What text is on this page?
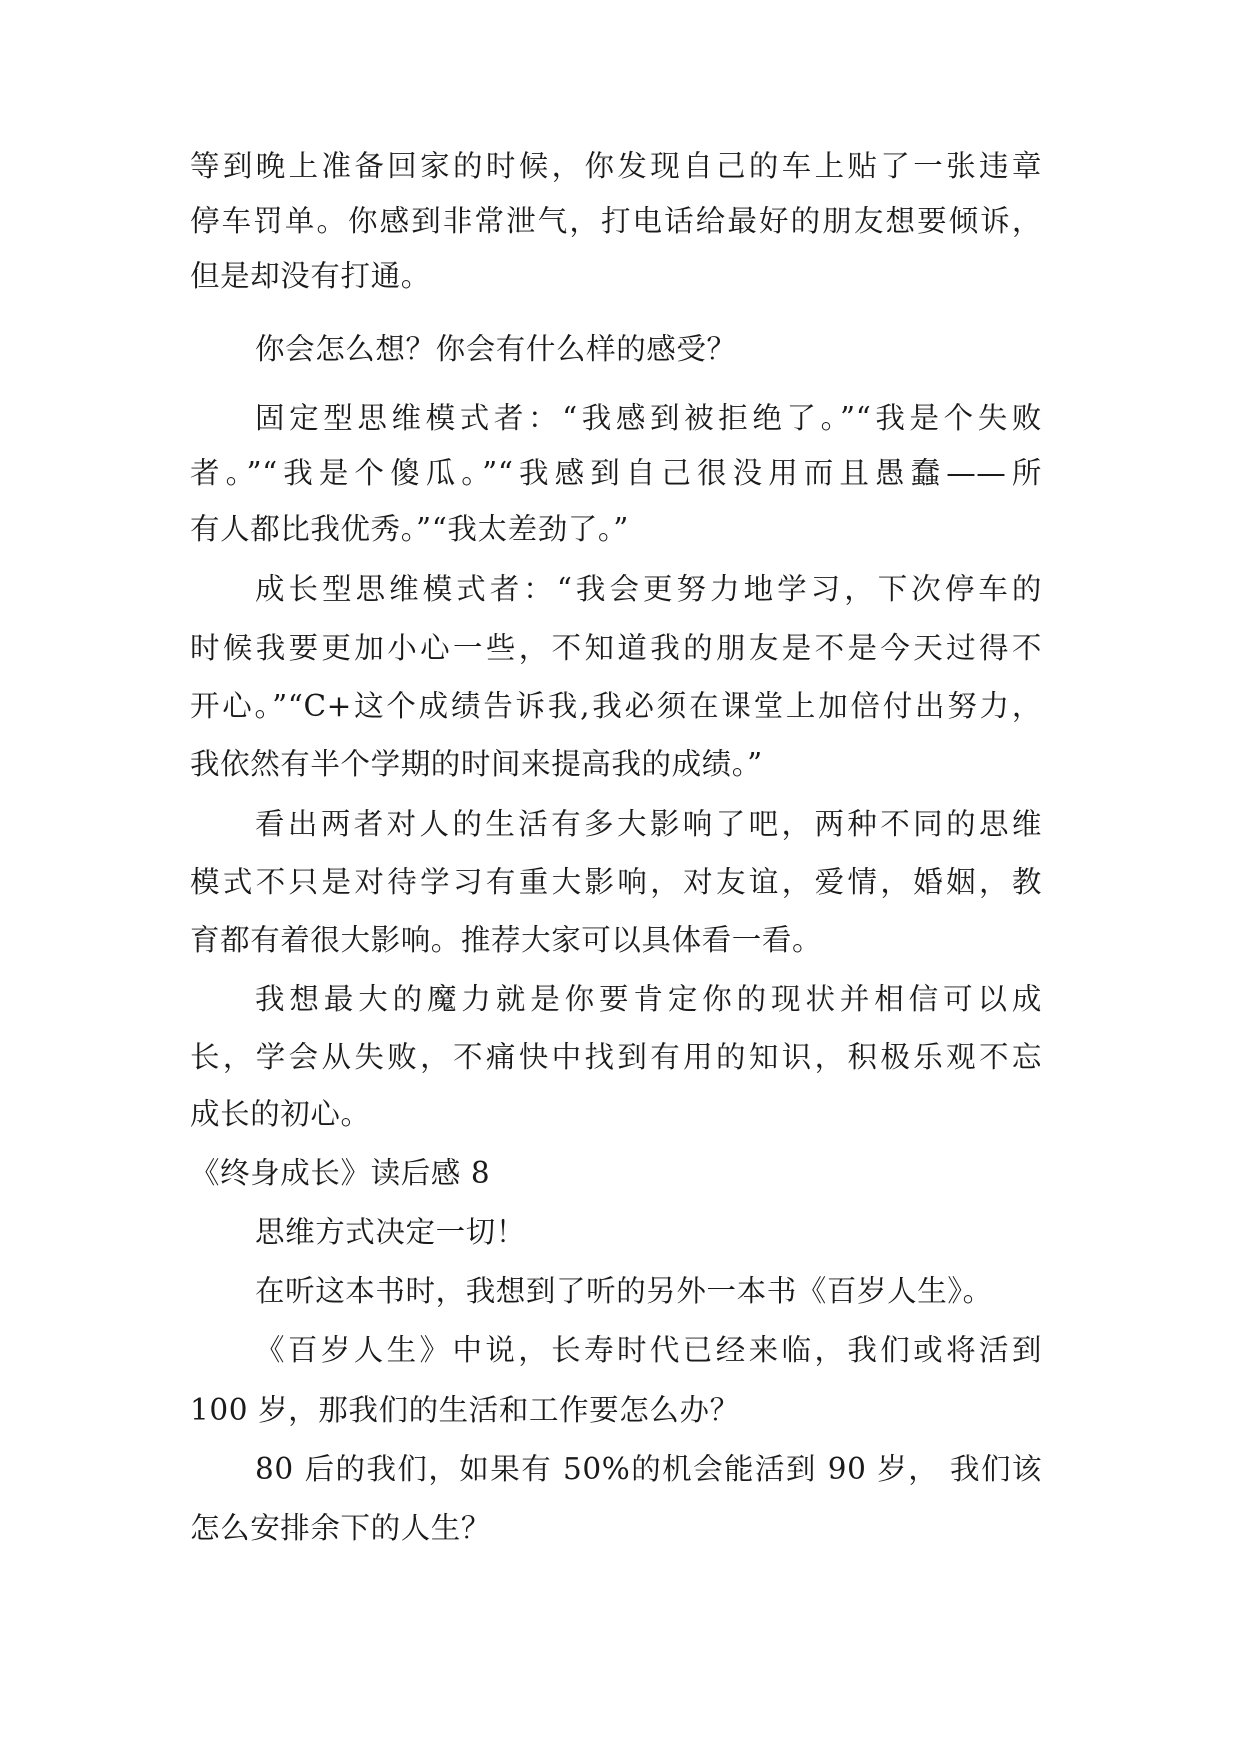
等到晚上准备回家的时候，你发现自己的车上贴了一张违章
停车罚单。你感到非常泄气，打电话给最好的朋友想要倾诉，
但是却没有打通。
你会怎么想？你会有什么样的感受？
固定型思维模式者：“我感到被拒绝了。”“我是个失败
者。”“我是个傻瓜。”“我感到自己很没用而且愚蠢——所
有人都比我优秀。”“我太差劲了。”
成长型思维模式者：“我会更努力地学习，下次停车的
时候我要更加小心一些，不知道我的朋友是不是今天过得不
开心。”“C+这个成绩告诉我,我必须在课堂上加倍付出努力，
我依然有半个学期的时间来提高我的成绩。”
看出两者对人的生活有多大影响了吧，两种不同的思维
模式不只是对待学习有重大影响，对友谊，爱情，婚姻，教
育都有着很大影响。推荐大家可以具体看一看。
我想最大的魔力就是你要肯定你的现状并相信可以成
长，学会从失败，不痛快中找到有用的知识，积极乐观不忘
成长的初心。
《终身成长》读后感 8
思维方式决定一切！
在听这本书时，我想到了听的另外一本书《百岁人生》。
《百岁人生》中说，长寿时代已经来临，我们或将活到
100 岁，那我们的生活和工作要怎么办？
80 后的我们，如果有 50%的机会能活到 90 岁， 我们该
怎么安排余下的人生？
